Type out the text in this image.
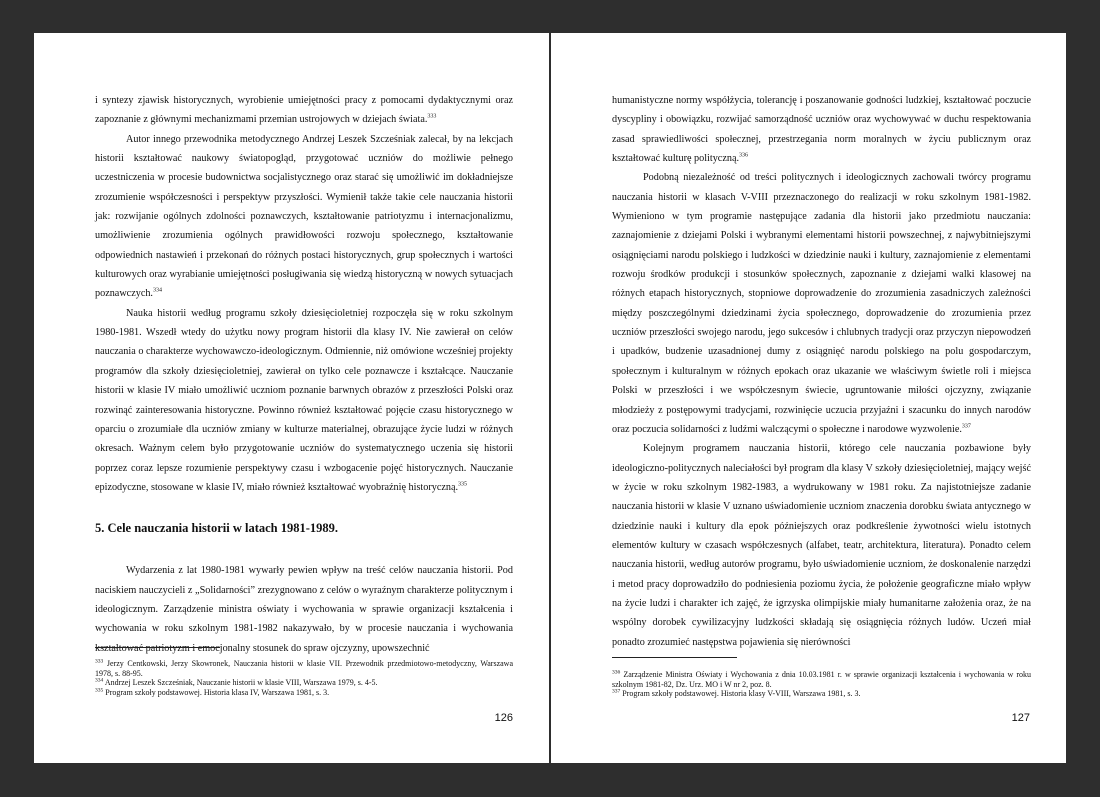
i syntezy zjawisk historycznych, wyrobienie umiejętności pracy z pomocami dydaktycznymi oraz zapoznanie z głównymi mechanizmami przemian ustrojowych w dziejach świata.$^{333}$

Autor innego przewodnika metodycznego Andrzej Leszek Szcześniak zalecał, by na lekcjach historii kształtować naukowy światopogląd, przygotować uczniów do możliwie pełnego uczestniczenia w procesie budownictwa socjalistycznego oraz starać się umożliwić im dokładniejsze zrozumienie współczesności i perspektyw przyszłości. Wymienił także takie cele nauczania historii jak: rozwijanie ogólnych zdolności poznawczych, kształtowanie patriotyzmu i internacjonalizmu, umożliwienie zrozumienia ogólnych prawidłowości rozwoju społecznego, kształtowanie odpowiednich nastawień i przekonań do różnych postaci historycznych, grup społecznych i wartości kulturowych oraz wyrabianie umiejętności posługiwania się wiedzą historyczną w nowych sytuacjach poznawczych.$^{334}$

Nauka historii według programu szkoły dziesięcioletniej rozpoczęła się w roku szkolnym 1980-1981. Wszedł wtedy do użytku nowy program historii dla klasy IV. Nie zawierał on celów nauczania o charakterze wychowawczo-ideologicznym. Odmiennie, niż omówione wcześniej projekty programów dla szkoły dziesięcioletniej, zawierał on tylko cele poznawcze i kształcące. Nauczanie historii w klasie IV miało umożliwić uczniom poznanie barwnych obrazów z przeszłości Polski oraz rozwinąć zainteresowania historyczne. Powinno również kształtować pojęcie czasu historycznego w oparciu o zrozumiałe dla uczniów zmiany w kulturze materialnej, obrazujące życie ludzi w różnych okresach. Ważnym celem było przygotowanie uczniów do systematycznego uczenia się historii poprzez coraz lepsze rozumienie perspektywy czasu i wzbogacenie pojęć historycznych. Nauczanie epizodyczne, stosowane w klasie IV, miało również kształtować wyobraźnię historyczną.$^{335}$

5. Cele nauczania historii w latach 1981-1989.

Wydarzenia z lat 1980-1981 wywarły pewien wpływ na treść celów nauczania historii. Pod naciskiem nauczycieli z „Solidarności” zrezygnowano z celów o wyraźnym charakterze politycznym i ideologicznym. Zarządzenie ministra oświaty i wychowania w sprawie organizacji kształcenia i wychowania w roku szkolnym 1981-1982 nakazywało, by w procesie nauczania i wychowania kształtować patriotyzm i emocjonalny stosunek do spraw ojczyzny, upowszechnić

$^{333}$ Jerzy Centkowski, Jerzy Skowronek, Nauczania historii w klasie VII. Przewodnik przedmiotowo-metodyczny, Warszawa 1978, s. 88-95.

$^{334}$ Andrzej Leszek Szcześniak, Nauczanie historii w klasie VIII, Warszawa 1979, s. 4-5.

$^{335}$ Program szkoły podstawowej. Historia klasa IV, Warszawa 1981, s. 3.

126

humanistyczne normy współżycia, tolerancję i poszanowanie godności ludzkiej, kształtować poczucie dyscypliny i obowiązku, rozwijać samorządność uczniów oraz wychowywać w duchu respektowania zasad sprawiedliwości społecznej, przestrzegania norm moralnych w życiu publicznym oraz kształtować kulturę polityczną.$^{336}$

Podobną niezależność od treści politycznych i ideologicznych zachowali twórcy programu nauczania historii w klasach V-VIII przeznaczonego do realizacji w roku szkolnym 1981-1982. Wymieniono w tym programie następujące zadania dla historii jako przedmiotu nauczania: zaznajomienie z dziejami Polski i wybranymi elementami historii powszechnej, z najwybitniejszymi osiągnięciami narodu polskiego i ludzkości w dziedzinie nauki i kultury, zaznajomienie z elementami rozwoju środków produkcji i stosunków społecznych, zapoznanie z dziejami walki klasowej na różnych etapach historycznych, stopniowe doprowadzenie do zrozumienia zasadniczych zależności między poszczególnymi dziedzinami życia społecznego, doprowadzenie do zrozumienia przez uczniów przeszłości swojego narodu, jego sukcesów i chlubnych tradycji oraz przyczyn niepowodzeń i upadków, budzenie uzasadnionej dumy z osiągnięć narodu polskiego na polu gospodarczym, społecznym i kulturalnym w różnych epokach oraz ukazanie we właściwym świetle roli i miejsca Polski w przeszłości i we współczesnym świecie, ugruntowanie miłości ojczyzny, związanie młodzieży z postępowymi tradycjami, rozwinięcie uczucia przyjaźni i szacunku do innych narodów oraz poczucia solidarności z ludźmi walczącymi o społeczne i narodowe wyzwolenie.$^{337}$

Kolejnym programem nauczania historii, którego cele nauczania pozbawione były ideologiczno-politycznych naleciałości był program dla klasy V szkoły dziesięcioletniej, mający wejść w życie w roku szkolnym 1982-1983, a wydrukowany w 1981 roku. Za najistotniejsze zadanie nauczania historii w klasie V uznano uświadomienie uczniom znaczenia dorobku świata antycznego w dziedzinie nauki i kultury dla epok późniejszych oraz podkreślenie żywotności wielu istotnych elementów kultury w czasach współczesnych (alfabet, teatr, architektura, literatura). Ponadto celem nauczania historii, według autorów programu, było uświadomienie uczniom, że doskonalenie narzędzi i metod pracy doprowadziło do podniesienia poziomu życia, że położenie geograficzne miało wpływ na życie ludzi i charakter ich zajęć, że igrzyska olimpijskie miały humanitarne założenia oraz, że na wspólny dorobek cywilizacyjny ludzkości składają się osiągnięcia różnych ludów. Uczeń miał ponadto zrozumieć następstwa pojawienia się nierówności

$^{336}$ Zarządzenie Ministra Oświaty i Wychowania z dnia 10.03.1981 r. w sprawie organizacji kształcenia i wychowania w roku szkolnym 1981-82, Dz. Urz. MO i W nr 2, poz. 8.

$^{337}$ Program szkoły podstawowej. Historia klasy V-VIII, Warszawa 1981, s. 3.

127
